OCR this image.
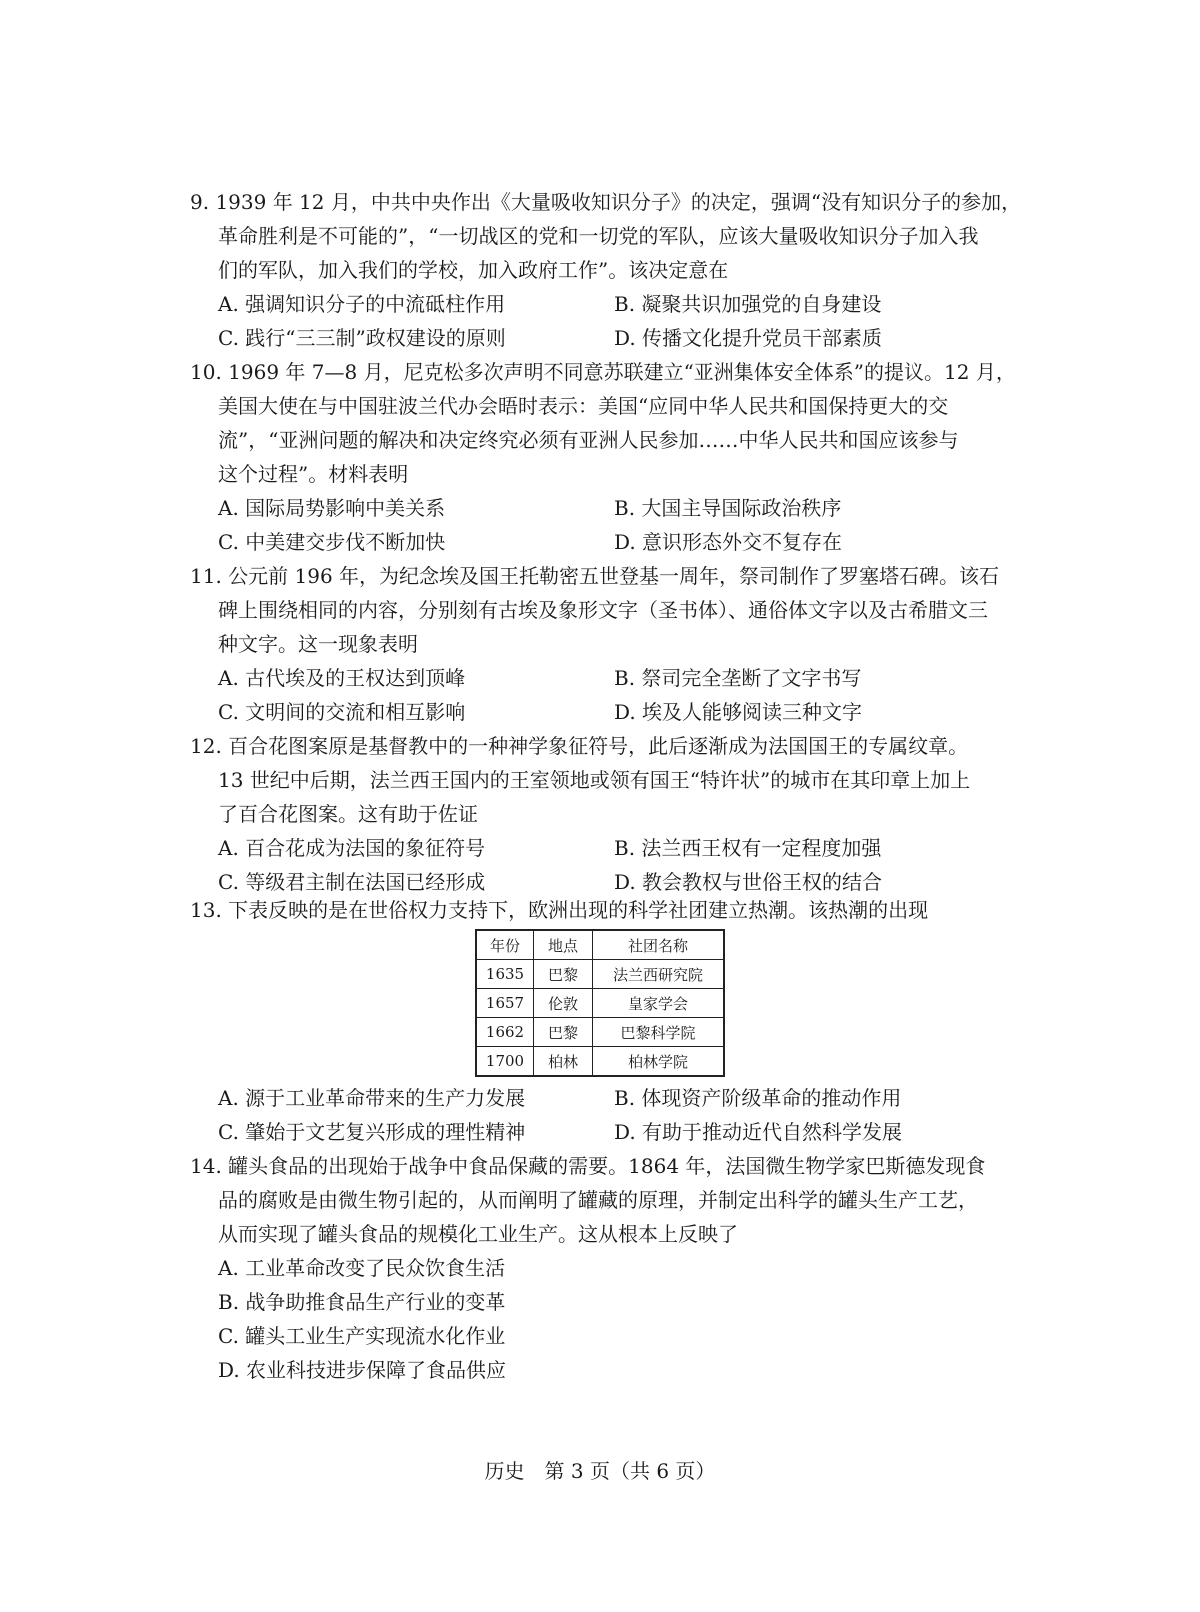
9. 1939 年 12 月，中共中央作出《大量吸收知识分子》的决定，强调“没有知识分子的参加，
革命胜利是不可能的”，“一切战区的党和一切党的军队，应该大量吸收知识分子加入我
们的军队，加入我们的学校，加入政府工作”。该决定意在
A. 强调知识分子的中流砥柱作用	B. 凝聚共识加强党的自身建设
C. 践行“三三制”政权建设的原则	D. 传播文化提升党员干部素质
10. 1969 年 7—8 月，尼克松多次声明不同意苏联建立“亚洲集体安全体系”的提议。12 月，
美国大使在与中国驻波兰代办会晤时表示：美国“应同中华人民共和国保持更大的交
流”，“亚洲问题的解决和决定终究必须有亚洲人民参加……中华人民共和国应该参与
这个过程”。材料表明
A. 国际局势影响中美关系	B. 大国主导国际政治秩序
C. 中美建交步伐不断加快	D. 意识形态外交不复存在
11. 公元前 196 年，为纪念埃及国王托勒密五世登基一周年，祭司制作了罗塞塔石碑。该石
碑上围绕相同的内容，分别刻有古埃及象形文字（圣书体）、通俗体文字以及古希腊文三
种文字。这一现象表明
A. 古代埃及的王权达到顶峰	B. 祭司完全垄断了文字书写
C. 文明间的交流和相互影响	D. 埃及人能够阅读三种文字
12. 百合花图案原是基督教中的一种神学象征符号，此后逐渐成为法国国王的专属纹章。
13 世纪中后期，法兰西王国内的王室领地或领有国王“特许状”的城市在其印章上加上
了百合花图案。这有助于佐证
A. 百合花成为法国的象征符号	B. 法兰西王权有一定程度加强
C. 等级君主制在法国已经形成	D. 教会教权与世俗王权的结合
13. 下表反映的是在世俗权力支持下，欧洲出现的科学社团建立热潮。该热潮的出现
年份	地点	社团名称
1635	巴黎	法兰西研究院
1657	伦敦	皇家学会
1662	巴黎	巴黎科学院
1700	柏林	柏林学院
A. 源于工业革命带来的生产力发展	B. 体现资产阶级革命的推动作用
C. 肇始于文艺复兴形成的理性精神	D. 有助于推动近代自然科学发展
14. 罐头食品的出现始于战争中食品保藏的需要。1864 年，法国微生物学家巴斯德发现食
品的腐败是由微生物引起的，从而阐明了罐藏的原理，并制定出科学的罐头生产工艺，
从而实现了罐头食品的规模化工业生产。这从根本上反映了
A. 工业革命改变了民众饮食生活
B. 战争助推食品生产行业的变革
C. 罐头工业生产实现流水化作业
D. 农业科技进步保障了食品供应
历史　第 3 页（共 6 页）
